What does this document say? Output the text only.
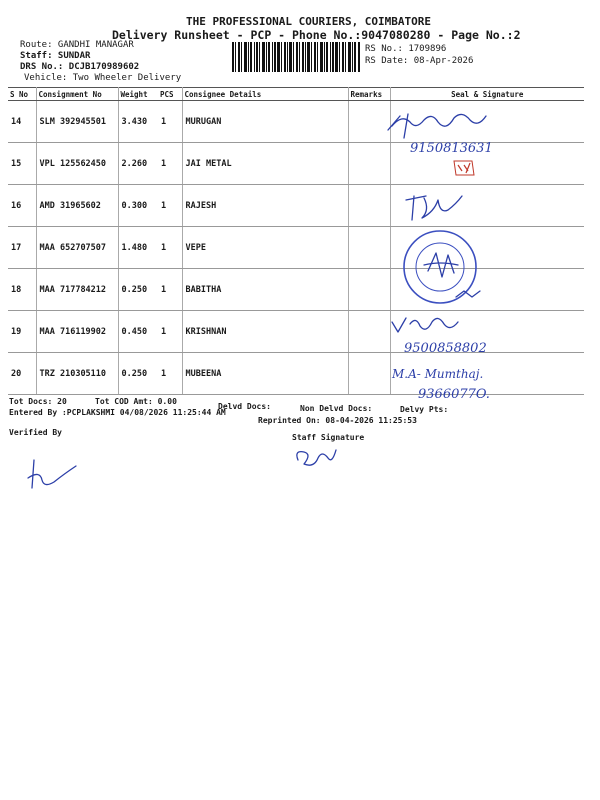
THE PROFESSIONAL COURIERS, COIMBATORE
Delivery Runsheet - PCP - Phone No.:9047080280 - Page No.:2
Route: GANDHI MANAGAR
Staff: SUNDAR
DRS No.: DCJB170989602
Vehicle: Two Wheeler Delivery
RS No.: 1709896
RS Date: 08-Apr-2026
S No	Consignment No	Weight	PCS	Consignee Details	Remarks	Seal & Signature
14	SLM 392945501	3.430	1	MURUGAN		
15	VPL 125562450	2.260	1	JAI METAL		
16	AMD 31965602	0.300	1	RAJESH		
17	MAA 652707507	1.480	1	VEPE		
18	MAA 717784212	0.250	1	BABITHA		
19	MAA 716119902	0.450	1	KRISHNAN		
20	TRZ 210305110	0.250	1	MUBEENA		
9150813631
9500858802
M.A- Mumthaj.
9366077O.
Tot Docs: 20	Tot COD Amt: 0.00
Delvd Docs:	Non Delvd Docs:	Delvy Pts:
Entered By :PCPLAKSHMI 04/08/2026 11:25:44 AM
Reprinted On: 08-04-2026 11:25:53
Verified By
Staff Signature
